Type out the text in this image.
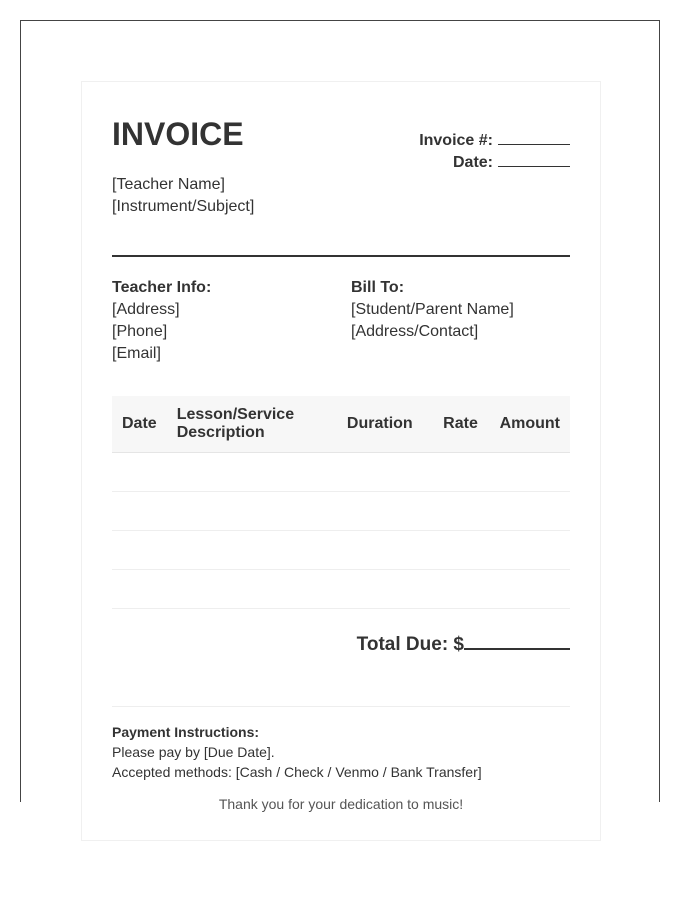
INVOICE	Invoice #:
Date:
[Teacher Name]
[Instrument/Subject]
Teacher Info:
[Address]
[Phone]
[Email]
Bill To:
[Student/Parent Name]
[Address/Contact]
Date	Lesson/Service Description	Duration	Rate	Amount

Total Due: $
Payment Instructions:
Please pay by [Due Date].
Accepted methods: [Cash / Check / Venmo / Bank Transfer]
Thank you for your dedication to music!
